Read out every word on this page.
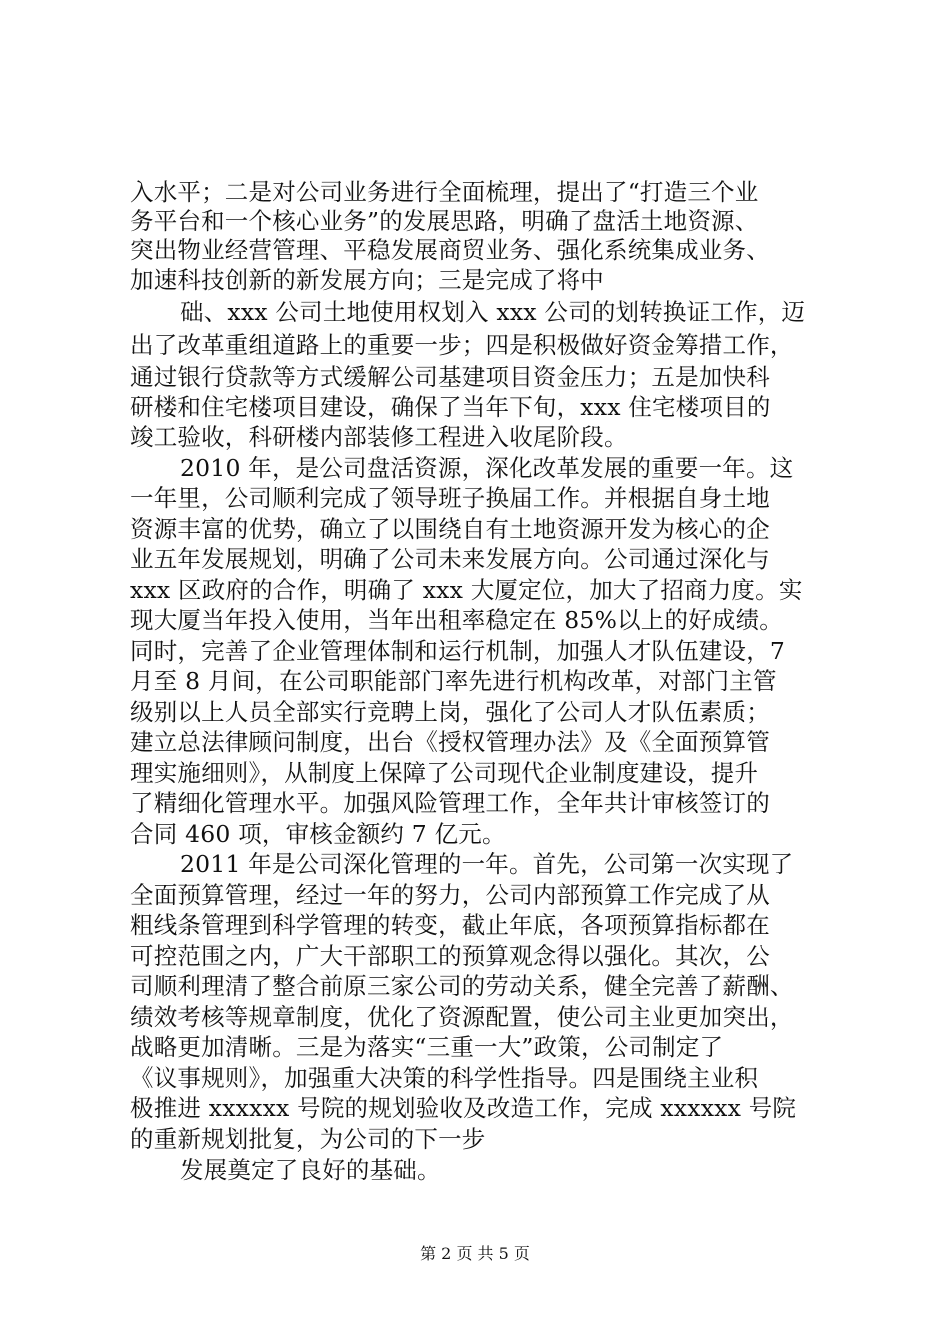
入水平；二是对公司业务进行全面梳理，提出了“打造三个业
务平台和一个核心业务”的发展思路，明确了盘活土地资源、
突出物业经营管理、平稳发展商贸业务、强化系统集成业务、
加速科技创新的新发展方向；三是完成了将中
础、xxx 公司土地使用权划入 xxx 公司的划转换证工作，迈
出了改革重组道路上的重要一步；四是积极做好资金筹措工作，
通过银行贷款等方式缓解公司基建项目资金压力；五是加快科
研楼和住宅楼项目建设，确保了当年下旬，xxx 住宅楼项目的
竣工验收，科研楼内部装修工程进入收尾阶段。
2010 年，是公司盘活资源，深化改革发展的重要一年。这
一年里，公司顺利完成了领导班子换届工作。并根据自身土地
资源丰富的优势，确立了以围绕自有土地资源开发为核心的企
业五年发展规划，明确了公司未来发展方向。公司通过深化与
xxx 区政府的合作，明确了 xxx 大厦定位，加大了招商力度。实
现大厦当年投入使用，当年出租率稳定在 85%以上的好成绩。
同时，完善了企业管理体制和运行机制，加强人才队伍建设，7
月至 8 月间，在公司职能部门率先进行机构改革，对部门主管
级别以上人员全部实行竞聘上岗，强化了公司人才队伍素质；
建立总法律顾问制度，出台《授权管理办法》及《全面预算管
理实施细则》，从制度上保障了公司现代企业制度建设，提升
了精细化管理水平。加强风险管理工作，全年共计审核签订的
合同 460 项，审核金额约 7 亿元。
2011 年是公司深化管理的一年。首先，公司第一次实现了
全面预算管理，经过一年的努力，公司内部预算工作完成了从
粗线条管理到科学管理的转变，截止年底，各项预算指标都在
可控范围之内，广大干部职工的预算观念得以强化。其次，公
司顺利理清了整合前原三家公司的劳动关系，健全完善了薪酬、
绩效考核等规章制度，优化了资源配置，使公司主业更加突出，
战略更加清晰。三是为落实“三重一大”政策，公司制定了
《议事规则》，加强重大决策的科学性指导。四是围绕主业积
极推进 xxxxxx 号院的规划验收及改造工作，完成 xxxxxx 号院
的重新规划批复，为公司的下一步
发展奠定了良好的基础。
第 2 页 共 5 页
